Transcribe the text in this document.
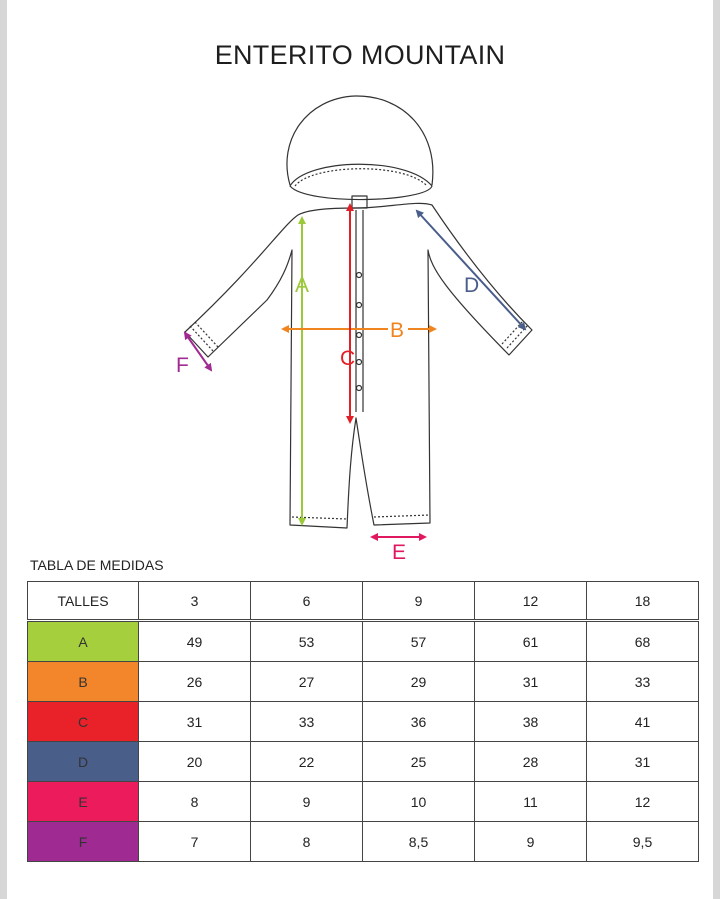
ENTERITO MOUNTAIN
A
B
C
D
E
F
TABLA DE MEDIDAS
TALLES	3	6	9	12	18
A	49	53	57	61	68
B	26	27	29	31	33
C	31	33	36	38	41
D	20	22	25	28	31
E	8	9	10	11	12
F	7	8	8,5	9	9,5
